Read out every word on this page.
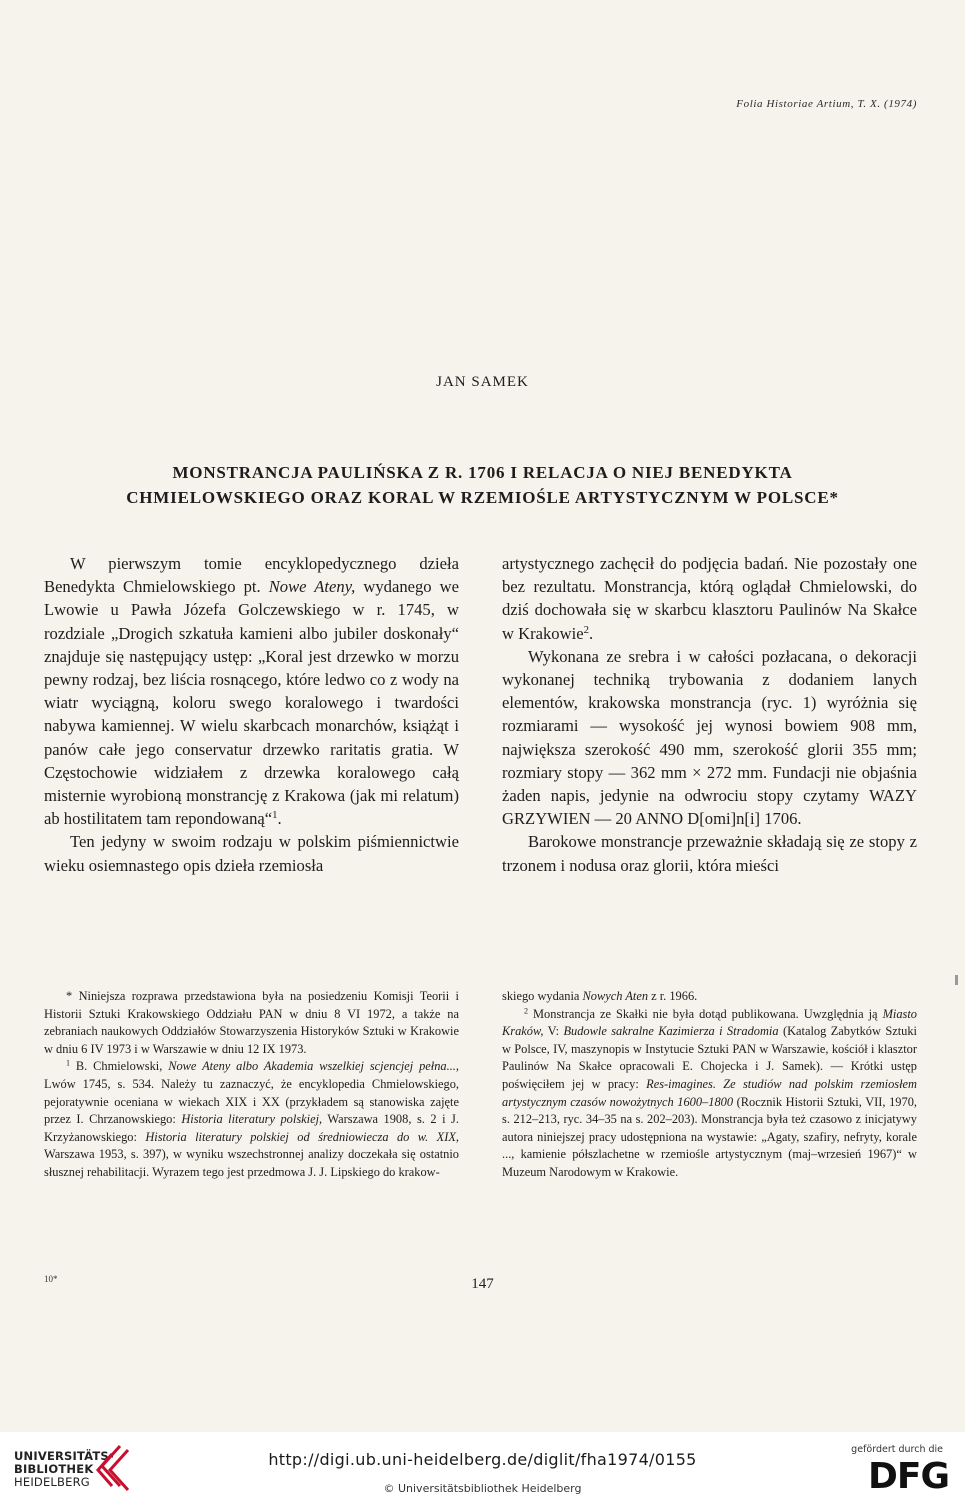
Folia Historiae Artium, T. X. (1974)
JAN SAMEK
MONSTRANCJA PAULIŃSKA Z R. 1706 I RELACJA O NIEJ BENEDYKTA
CHMIELOWSKIEGO ORAZ KORAL W RZEMIOŚLE ARTYSTYCZNYM W POLSCE*

W pierwszym tomie encyklopedycznego dzieła Benedykta Chmielowskiego pt. Nowe Ateny, wydanego we Lwowie u Pawła Józefa Golczewskiego w r. 1745, w rozdziale „Drogich szkatuła kamieni albo jubiler doskonały“ znajduje się następujący ustęp: „Koral jest drzewko w morzu pewny rodzaj, bez liścia rosnącego, które ledwo co z wody na wiatr wyciągną, koloru swego koralowego i twardości nabywa kamiennej. W wielu skarbcach monarchów, książąt i panów całe jego conservatur drzewko raritatis gratia. W Częstochowie widziałem z drzewka koralowego całą misternie wyrobioną monstrancję z Krakowa (jak mi relatum) ab hostilitatem tam repondowaną“$^1$.

Ten jedyny w swoim rodzaju w polskim piśmiennictwie wieku osiemnastego opis dzieła rzemiosła

artystycznego zachęcił do podjęcia badań. Nie pozostały one bez rezultatu. Monstrancja, którą oglądał Chmielowski, do dziś dochowała się w skarbcu klasztoru Paulinów Na Skałce w Krakowie$^2$.

Wykonana ze srebra i w całości pozłacana, o dekoracji wykonanej techniką trybowania z dodaniem lanych elementów, krakowska monstrancja (ryc. 1) wyróżnia się rozmiarami — wysokość jej wynosi bowiem 908 mm, największa szerokość 490 mm, szerokość glorii 355 mm; rozmiary stopy — 362 mm × 272 mm. Fundacji nie objaśnia żaden napis, jedynie na odwrociu stopy czytamy WAZY GRZYWIEN — 20 ANNO D[omi]n[i] 1706.

Barokowe monstrancje przeważnie składają się ze stopy z trzonem i nodusa oraz glorii, która mieści

* Niniejsza rozprawa przedstawiona była na posiedzeniu Komisji Teorii i Historii Sztuki Krakowskiego Oddziału PAN w dniu 8 VI 1972, a także na zebraniach naukowych Oddziałów Stowarzyszenia Historyków Sztuki w Krakowie w dniu 6 IV 1973 i w Warszawie w dniu 12 IX 1973.

$^1$ B. Chmielowski, Nowe Ateny albo Akademia wszelkiej scjencjej pełna..., Lwów 1745, s. 534. Należy tu zaznaczyć, że encyklopedia Chmielowskiego, pejoratywnie oceniana w wiekach XIX i XX (przykładem są stanowiska zajęte przez I. Chrzanowskiego: Historia literatury polskiej, Warszawa 1908, s. 2 i J. Krzyżanowskiego: Historia literatury polskiej od średniowiecza do w. XIX, Warszawa 1953, s. 397), w wyniku wszechstronnej analizy doczekała się ostatnio słusznej rehabilitacji. Wyrazem tego jest przedmowa J. J. Lipskiego do krakow-

skiego wydania Nowych Aten z r. 1966.

$^2$ Monstrancja ze Skałki nie była dotąd publikowana. Uwzględnia ją Miasto Kraków, V: Budowle sakralne Kazimierza i Stradomia (Katalog Zabytków Sztuki w Polsce, IV, maszynopis w Instytucie Sztuki PAN w Warszawie, kościół i klasztor Paulinów Na Skałce opracowali E. Chojecka i J. Samek). — Krótki ustęp poświęciłem jej w pracy: Res-imagines. Ze studiów nad polskim rzemiosłem artystycznym czasów nowożytnych 1600–1800 (Rocznik Historii Sztuki, VII, 1970, s. 212–213, ryc. 34–35 na s. 202–203). Monstrancja była też czasowo z inicjatywy autora niniejszej pracy udostępniona na wystawie: „Agaty, szafiry, nefryty, korale ..., kamienie półszlachetne w rzemiośle artystycznym (maj–wrzesień 1967)“ w Muzeum Narodowym w Krakowie.

10*	147
UNIVERSITÄTS-
BIBLIOTHEK
HEIDELBERG
http://digi.ub.uni-heidelberg.de/diglit/fha1974/0155
© Universitätsbibliothek Heidelberg
gefördert durch die
DFG
